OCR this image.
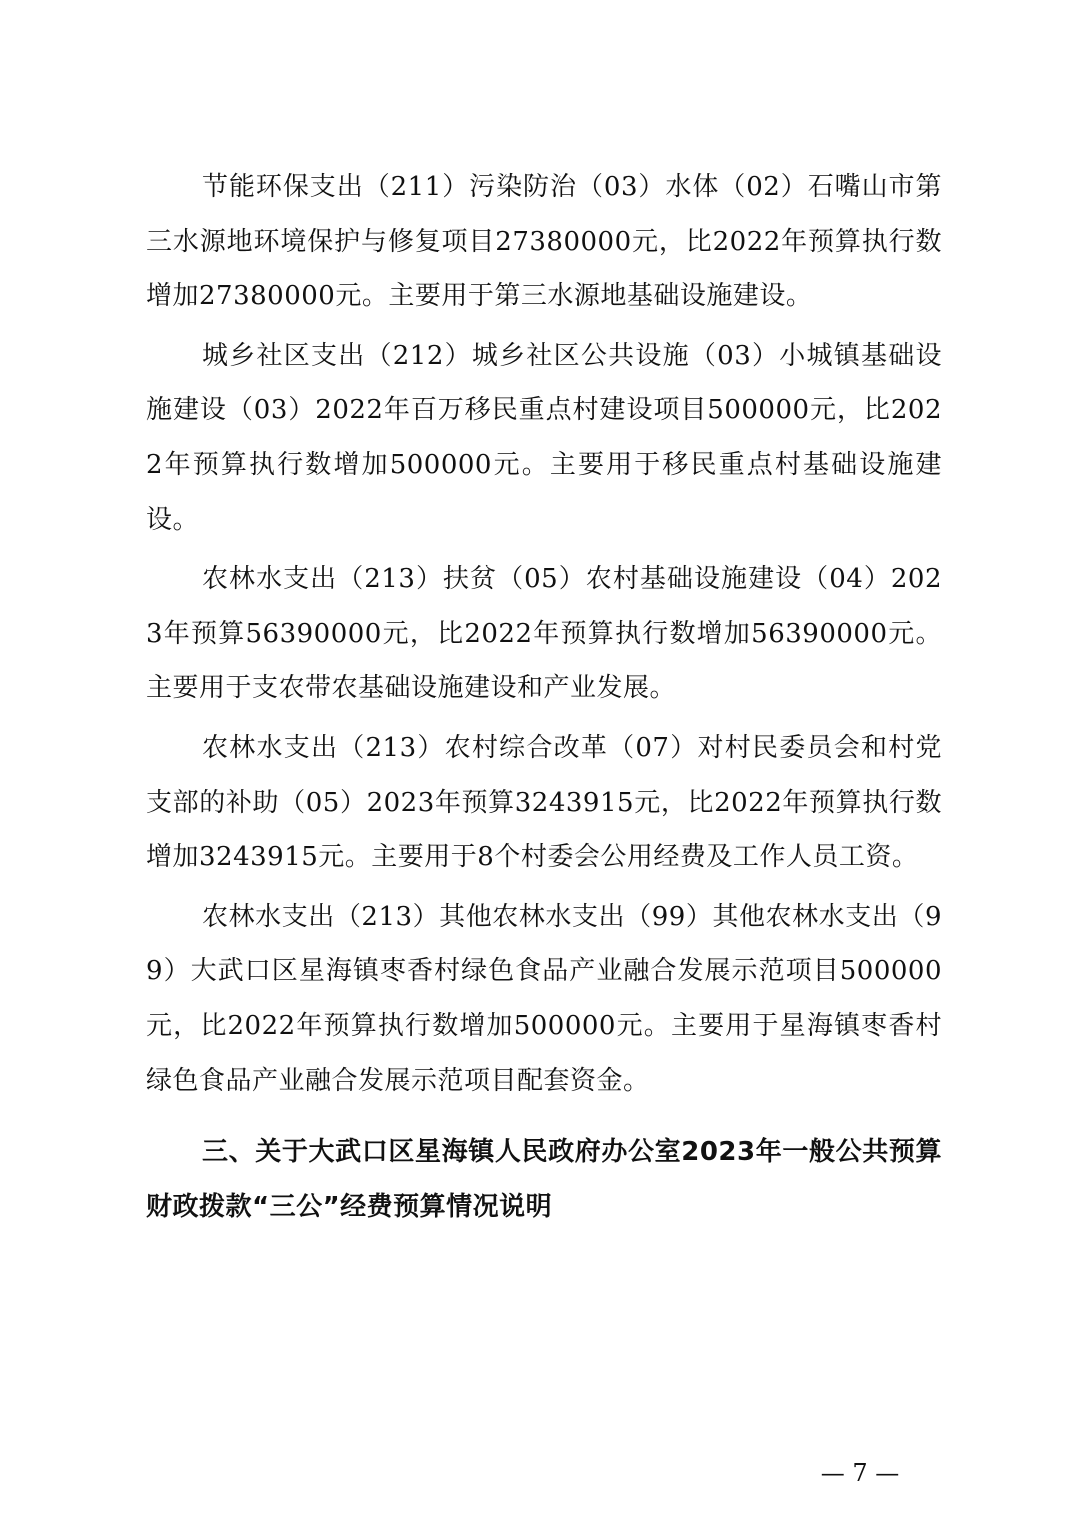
节能环保支出（211）污染防治（03）水体（02）石嘴山市第三水源地环境保护与修复项目27380000元，比2022年预算执行数增加27380000元。主要用于第三水源地基础设施建设。

城乡社区支出（212）城乡社区公共设施（03）小城镇基础设施建设（03）2022年百万移民重点村建设项目500000元，比2022年预算执行数增加500000元。主要用于移民重点村基础设施建设。

农林水支出（213）扶贫（05）农村基础设施建设（04）2023年预算56390000元，比2022年预算执行数增加56390000元。主要用于支农带农基础设施建设和产业发展。

农林水支出（213）农村综合改革（07）对村民委员会和村党支部的补助（05）2023年预算3243915元，比2022年预算执行数增加3243915元。主要用于8个村委会公用经费及工作人员工资。

农林水支出（213）其他农林水支出（99）其他农林水支出（99）大武口区星海镇枣香村绿色食品产业融合发展示范项目500000元，比2022年预算执行数增加500000元。主要用于星海镇枣香村绿色食品产业融合发展示范项目配套资金。

三、关于大武口区星海镇人民政府办公室2023年一般公共预算财政拨款“三公”经费预算情况说明

— 7 —
